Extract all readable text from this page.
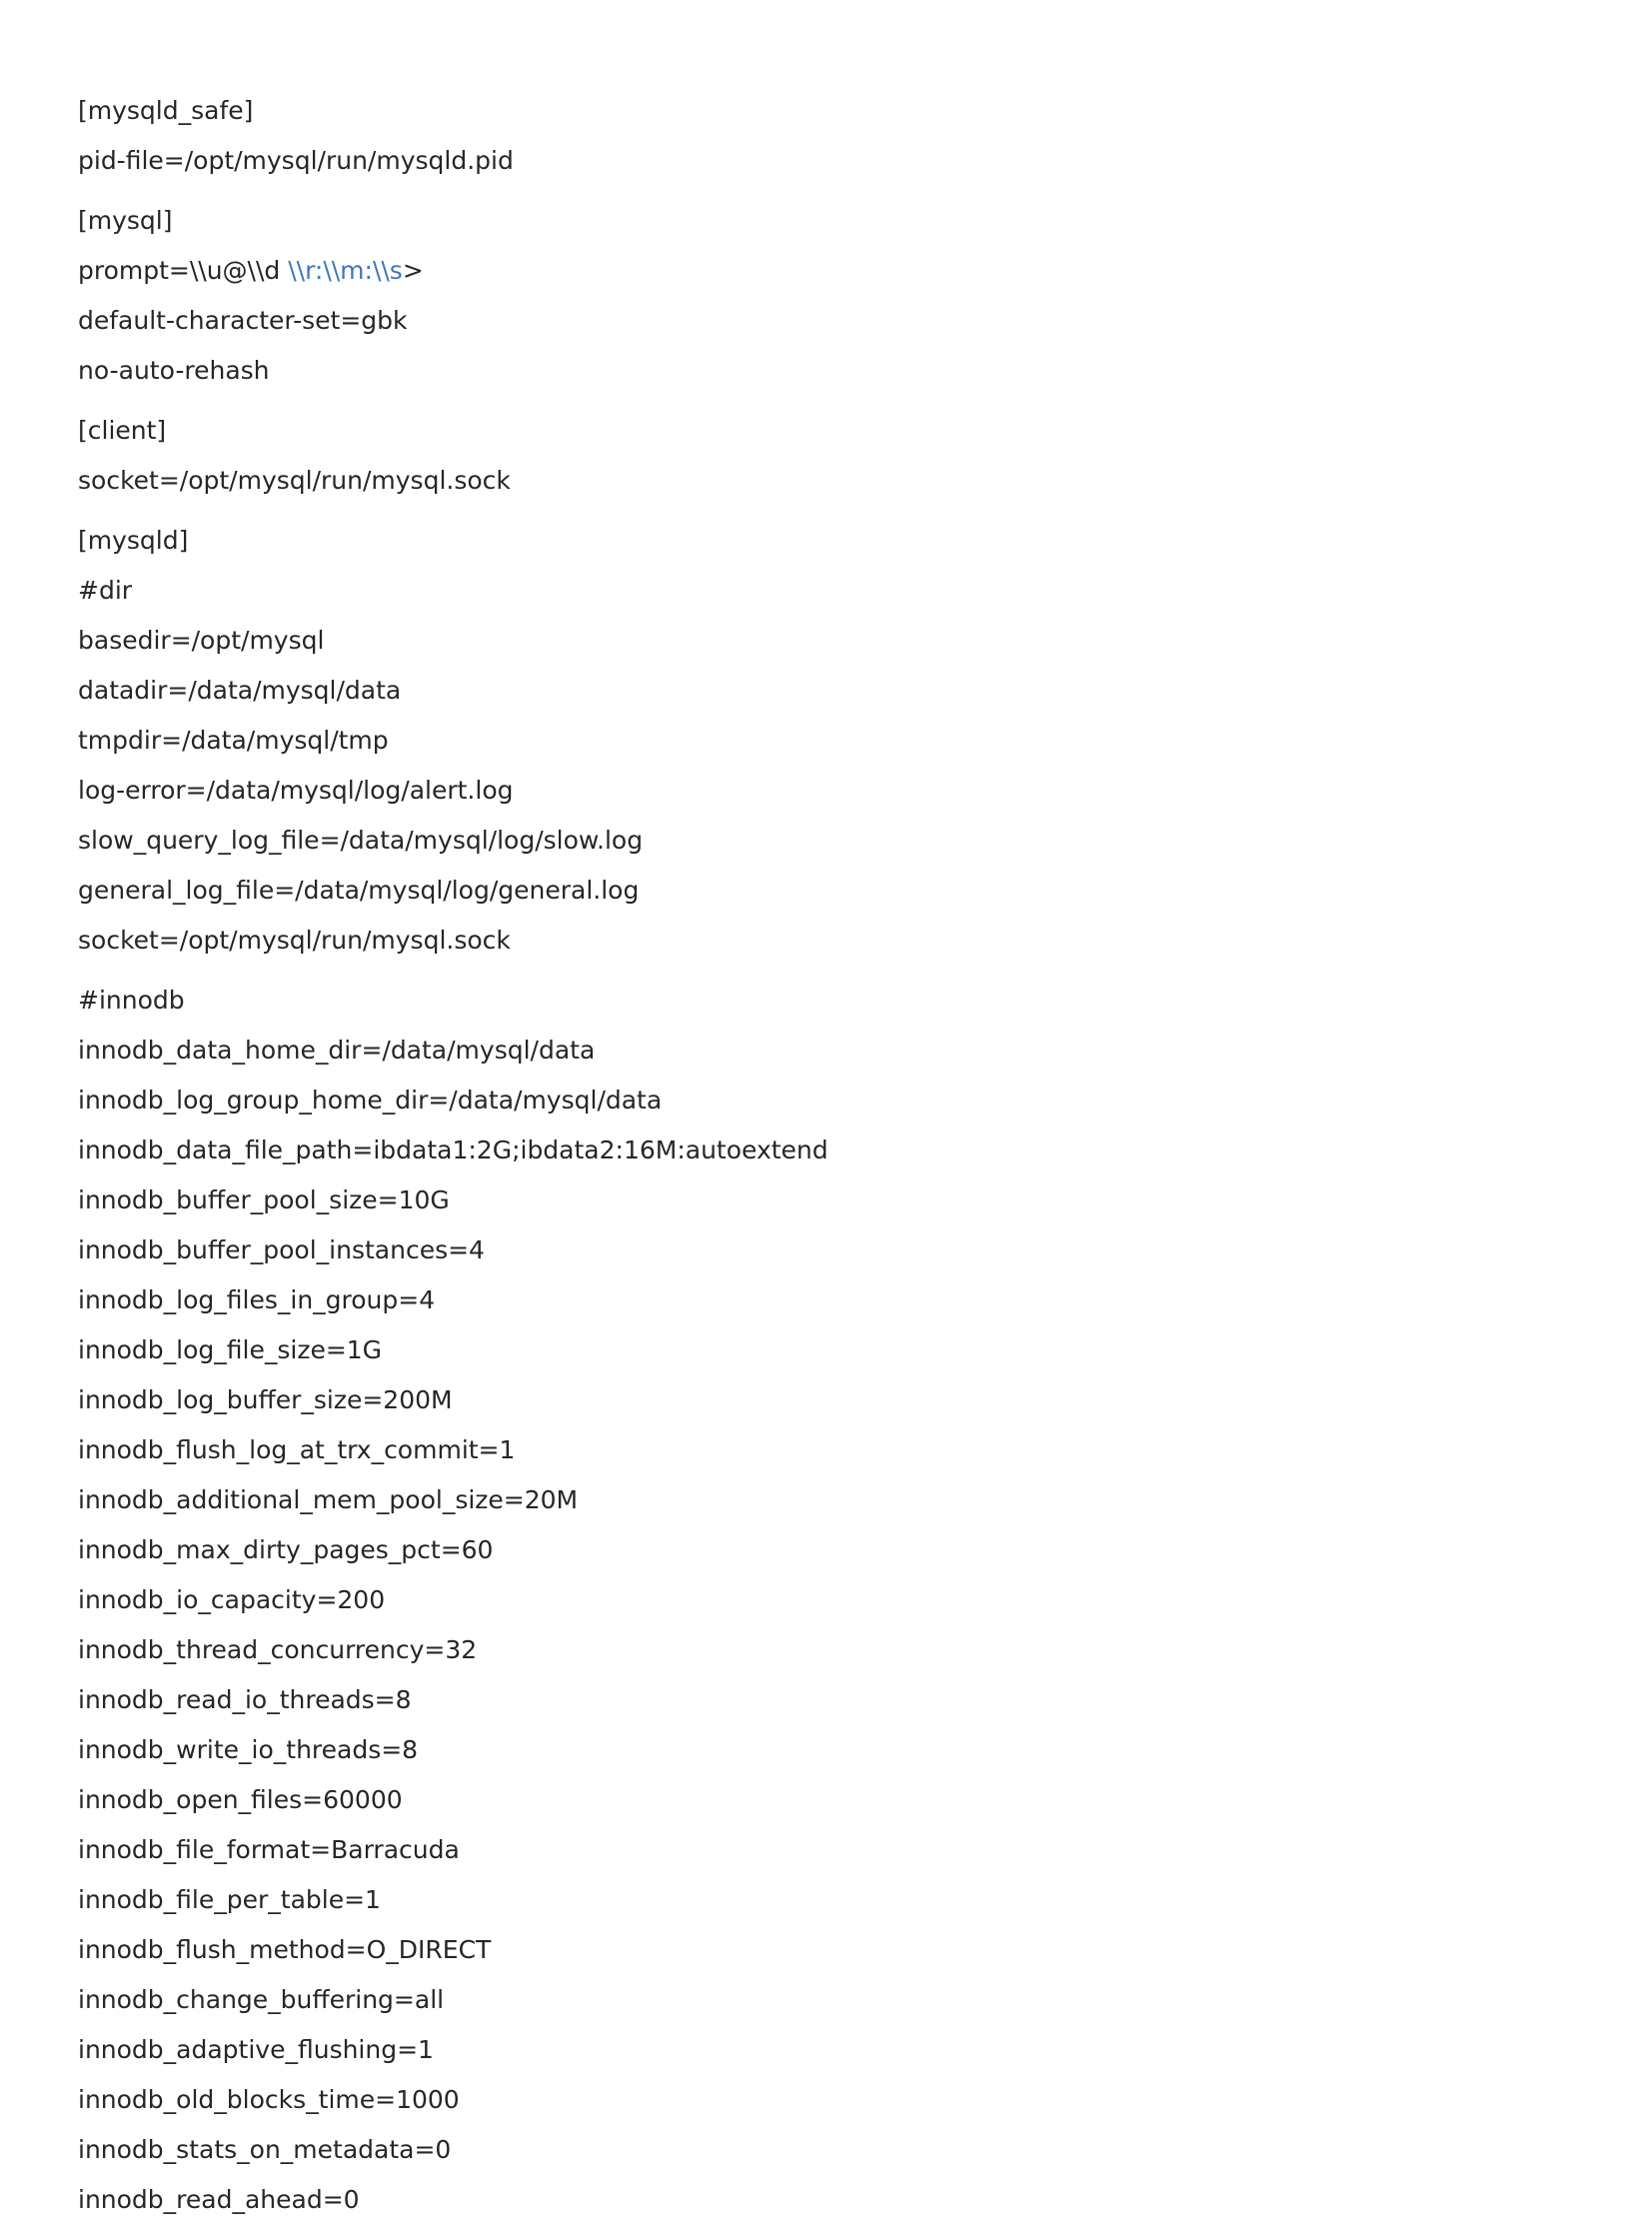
[mysqld_safe]
pid-file=/opt/mysql/run/mysqld.pid
[mysql]
prompt=\\u@\\d \\r:\\m:\\s>
default-character-set=gbk
no-auto-rehash
[client]
socket=/opt/mysql/run/mysql.sock
[mysqld]
#dir
basedir=/opt/mysql
datadir=/data/mysql/data
tmpdir=/data/mysql/tmp
log-error=/data/mysql/log/alert.log
slow_query_log_file=/data/mysql/log/slow.log
general_log_file=/data/mysql/log/general.log
socket=/opt/mysql/run/mysql.sock
#innodb
innodb_data_home_dir=/data/mysql/data
innodb_log_group_home_dir=/data/mysql/data
innodb_data_file_path=ibdata1:2G;ibdata2:16M:autoextend
innodb_buffer_pool_size=10G
innodb_buffer_pool_instances=4
innodb_log_files_in_group=4
innodb_log_file_size=1G
innodb_log_buffer_size=200M
innodb_flush_log_at_trx_commit=1
innodb_additional_mem_pool_size=20M
innodb_max_dirty_pages_pct=60
innodb_io_capacity=200
innodb_thread_concurrency=32
innodb_read_io_threads=8
innodb_write_io_threads=8
innodb_open_files=60000
innodb_file_format=Barracuda
innodb_file_per_table=1
innodb_flush_method=O_DIRECT
innodb_change_buffering=all
innodb_adaptive_flushing=1
innodb_old_blocks_time=1000
innodb_stats_on_metadata=0
innodb_read_ahead=0
